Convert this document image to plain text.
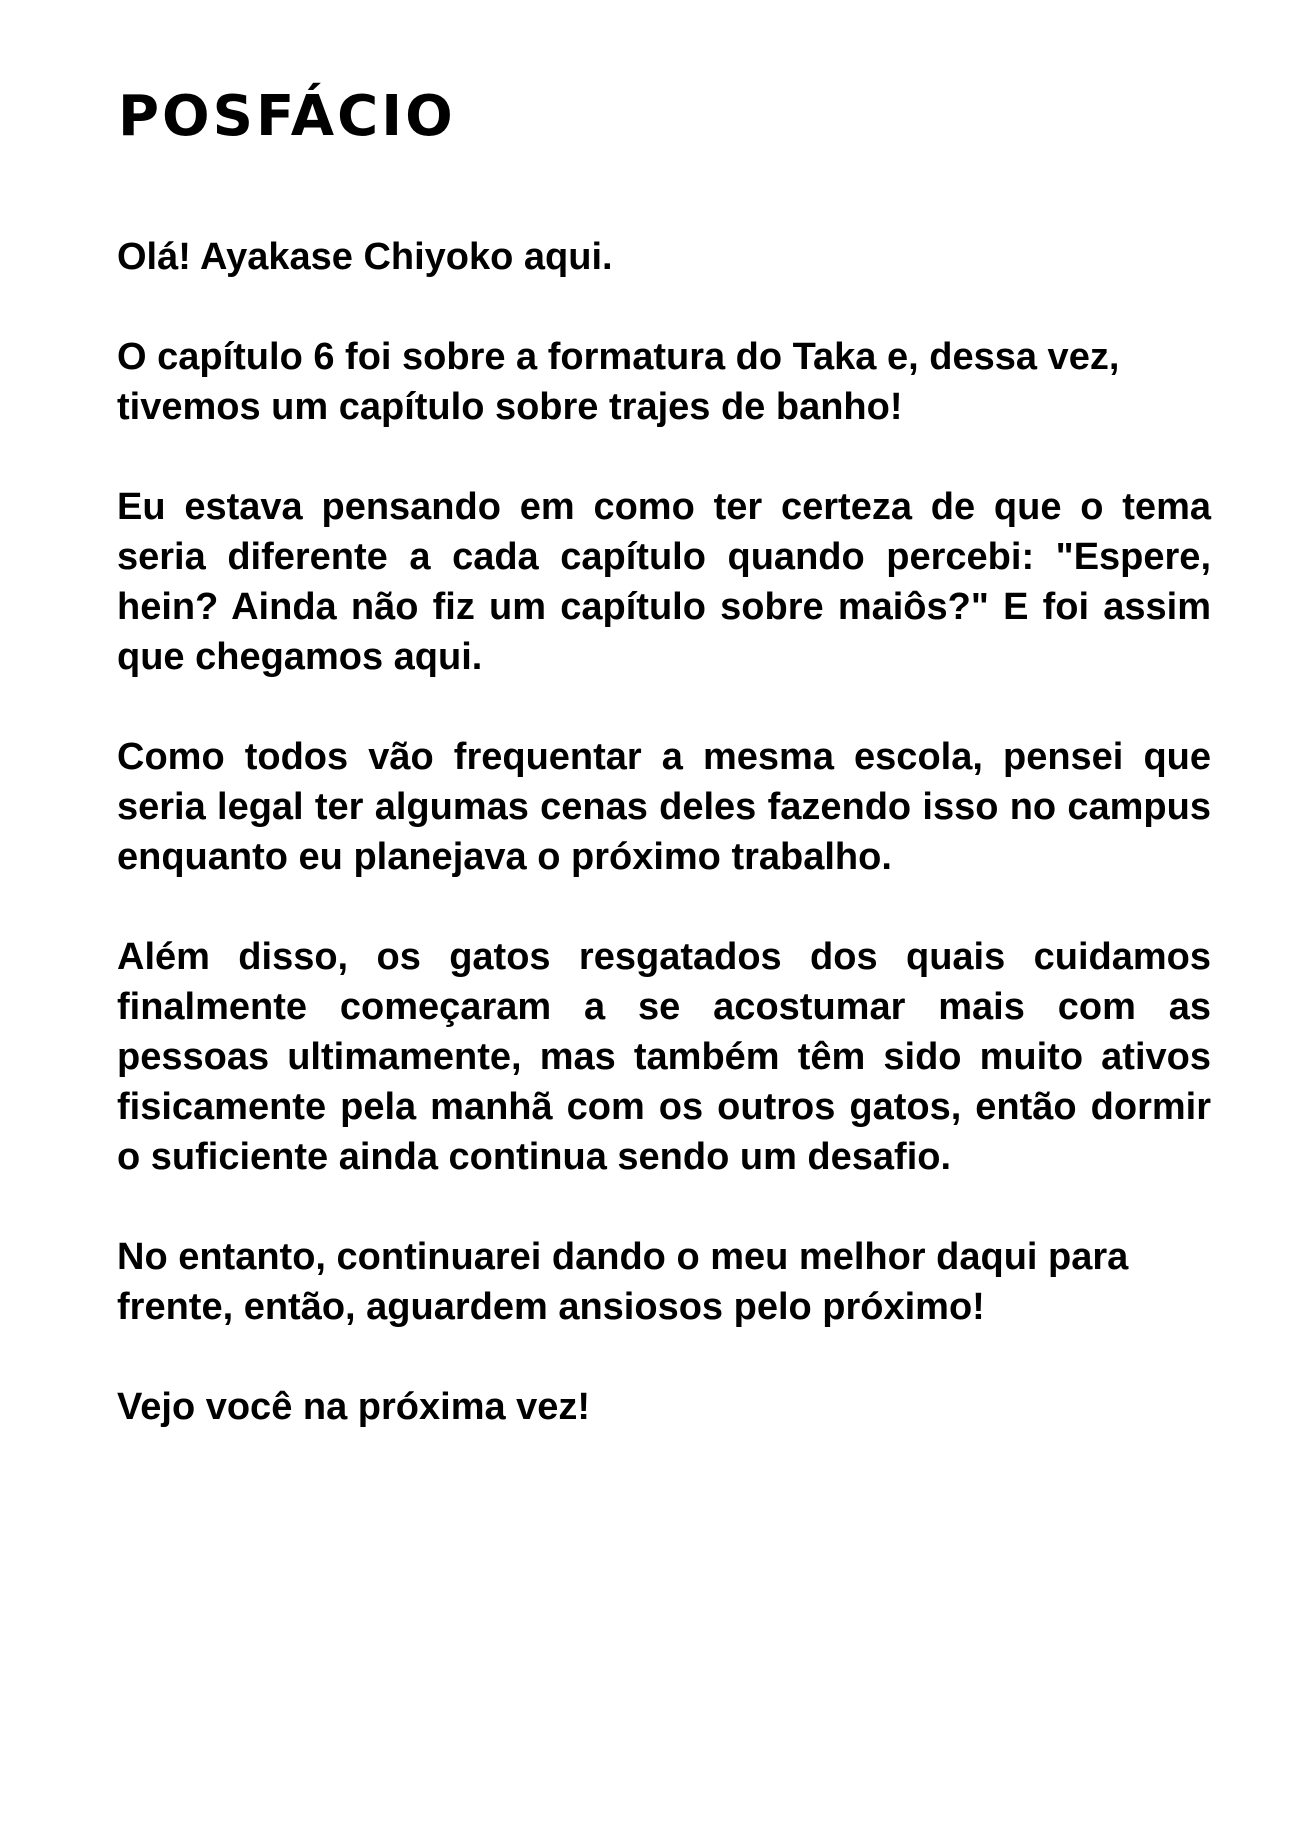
POSFÁCIO

Olá! Ayakase Chiyoko aqui.

O capítulo 6 foi sobre a formatura do Taka e, dessa vez, tivemos um capítulo sobre trajes de banho!

Eu estava pensando em como ter certeza de que o tema seria diferente a cada capítulo quando percebi: "Espere, hein? Ainda não fiz um capítulo sobre maiôs?" E foi assim que chegamos aqui.

Como todos vão frequentar a mesma escola, pensei que seria legal ter algumas cenas deles fazendo isso no campus enquanto eu planejava o próximo trabalho.

Além disso, os gatos resgatados dos quais cuidamos finalmente começaram a se acostumar mais com as pessoas ultimamente, mas também têm sido muito ativos fisicamente pela manhã com os outros gatos, então dormir o suficiente ainda continua sendo um desafio.

No entanto, continuarei dando o meu melhor daqui para frente, então, aguardem ansiosos pelo próximo!

Vejo você na próxima vez!
